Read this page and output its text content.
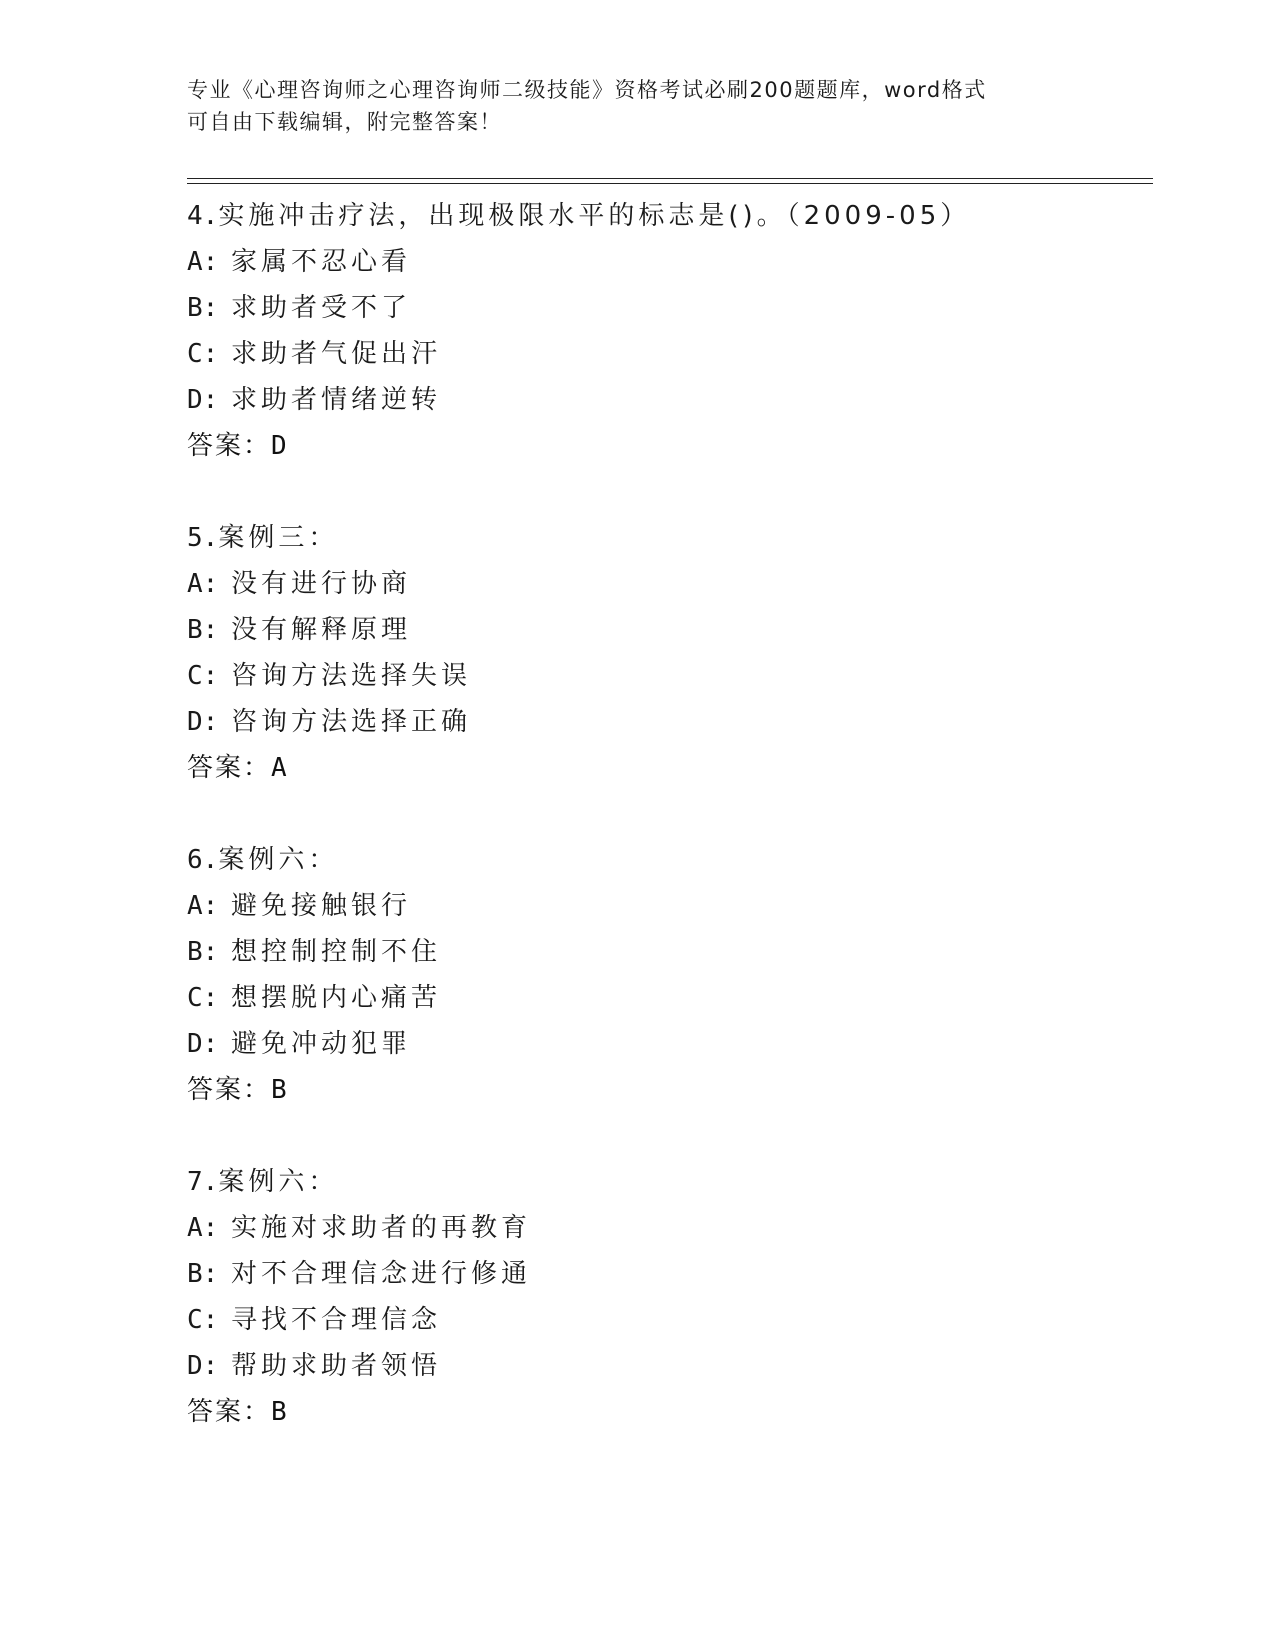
专业《心理咨询师之心理咨询师二级技能》资格考试必刷200题题库，word格式
可自由下载编辑，附完整答案！
4.实施冲击疗法，出现极限水平的标志是()。（2009-05）
A: 家属不忍心看
B: 求助者受不了
C: 求助者气促出汗
D: 求助者情绪逆转
答案：D
5.案例三：
A: 没有进行协商
B: 没有解释原理
C: 咨询方法选择失误
D: 咨询方法选择正确
答案：A
6.案例六：
A: 避免接触银行
B: 想控制控制不住
C: 想摆脱内心痛苦
D: 避免冲动犯罪
答案：B
7.案例六：
A: 实施对求助者的再教育
B: 对不合理信念进行修通
C: 寻找不合理信念
D: 帮助求助者领悟
答案：B
